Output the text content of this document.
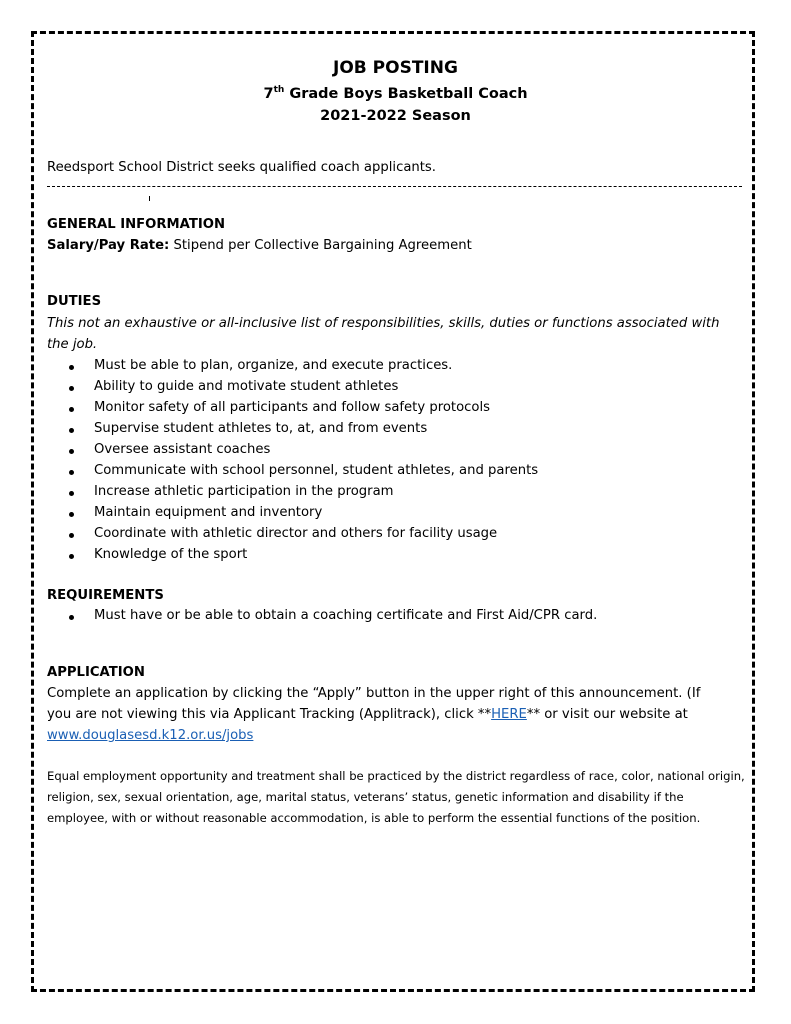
JOB POSTING
7th Grade Boys Basketball Coach
2021-2022 Season
Reedsport School District seeks qualified coach applicants.
GENERAL INFORMATION
Salary/Pay Rate: Stipend per Collective Bargaining Agreement
DUTIES
This not an exhaustive or all-inclusive list of responsibilities, skills, duties or functions associated with
the job.
Must be able to plan, organize, and execute practices.
Ability to guide and motivate student athletes
Monitor safety of all participants and follow safety protocols
Supervise student athletes to, at, and from events
Oversee assistant coaches
Communicate with school personnel, student athletes, and parents
Increase athletic participation in the program
Maintain equipment and inventory
Coordinate with athletic director and others for facility usage
Knowledge of the sport
REQUIREMENTS
Must have or be able to obtain a coaching certificate and First Aid/CPR card.
APPLICATION
Complete an application by clicking the “Apply” button in the upper right of this announcement. (If
you are not viewing this via Applicant Tracking (Applitrack), click **HERE** or visit our website at
www.douglasesd.k12.or.us/jobs
Equal employment opportunity and treatment shall be practiced by the district regardless of race, color, national origin, religion, sex, sexual orientation, age, marital status, veterans’ status, genetic information and disability if the employee, with or without reasonable accommodation, is able to perform the essential functions of the position.
